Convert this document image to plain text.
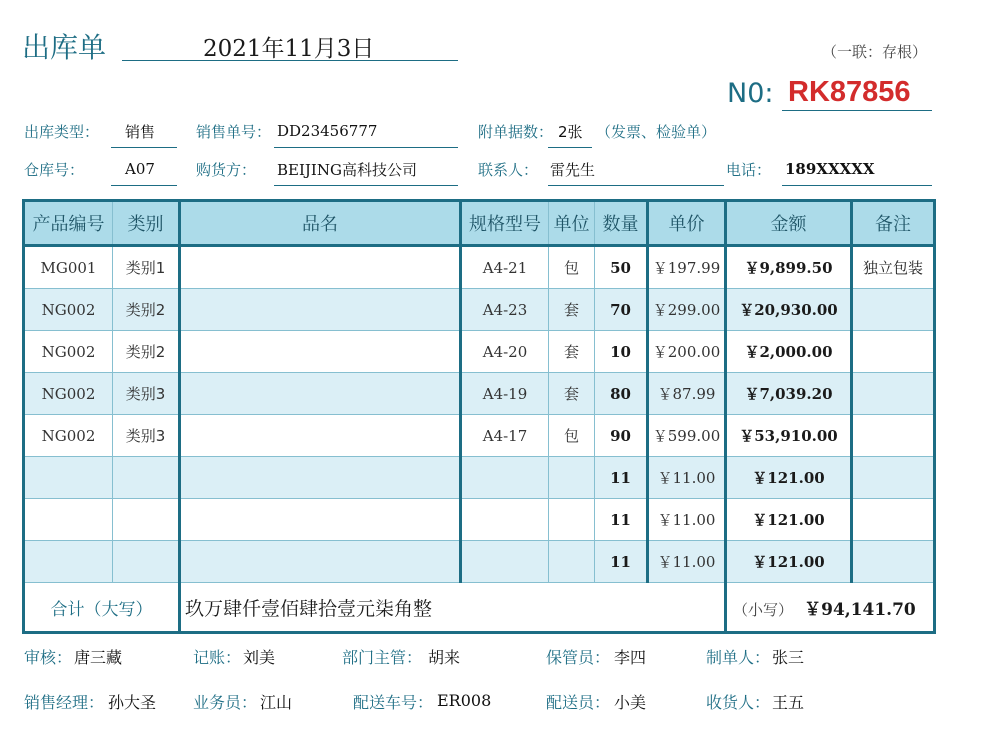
出库单	2021年11月3日	（一联：存根）
N0: RK87856
出库类型： 销售	销售单号： DD23456777	附单据数： 2张 （发票、检验单）
仓库号：	A07	购货方： BEIJING高科技公司	联系人： 雷先生	电话： 189XXXXX
产品编号	类别	品名	规格型号	单位	数量	单价	金额	备注
MG001	类别1		A4-21	包	50	￥197.99	￥9,899.50	独立包装
NG002	类别2		A4-23	套	70	￥299.00	￥20,930.00	
NG002	类别2		A4-20	套	10	￥200.00	￥2,000.00	
NG002	类别3		A4-19	套	80	￥87.99	￥7,039.20	
NG002	类别3		A4-17	包	90	￥599.00	￥53,910.00	
					11	￥11.00	￥121.00	
					11	￥11.00	￥121.00	
					11	￥11.00	￥121.00	
合计（大写）		玖万肆仟壹佰肆拾壹元柒角整					（小写） ￥94,141.70	
审核： 唐三藏	记账： 刘美	部门主管： 胡来	保管员： 李四	制单人： 张三
销售经理： 孙大圣 业务员： 江山	配送车号： ER008	配送员： 小美	收货人： 王五
